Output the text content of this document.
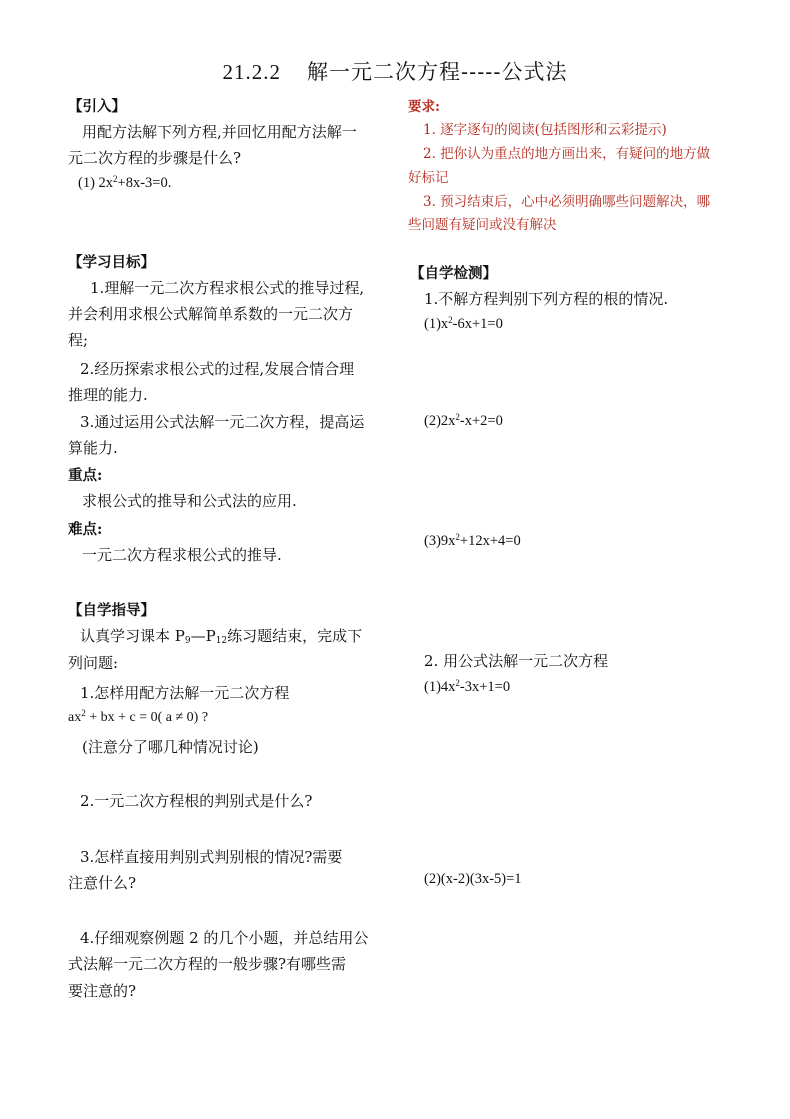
21.2.2 解一元二次方程-----公式法
【引入】
用配方法解下列方程,并回忆用配方法解一
元二次方程的步骤是什么?
(1) $2x^2+8x-3=0$.
要求:
1. 逐字逐句的阅读(包括图形和云彩提示)
2. 把你认为重点的地方画出来，有疑问的地方做
好标记
3. 预习结束后，心中必须明确哪些问题解决，哪
些问题有疑问或没有解决
【学习目标】
1.理解一元二次方程求根公式的推导过程,
并会利用求根公式解简单系数的一元二次方
程;
2.经历探索求根公式的过程,发展合情合理
推理的能力.
3.通过运用公式法解一元二次方程，提高运
算能力.
重点:
求根公式的推导和公式法的应用.
难点:
一元二次方程求根公式的推导.
【自学检测】
1.不解方程判别下列方程的根的情况.
$(1)x^2-6x+1=0$
$(2)2x^2-x+2=0$
$(3)9x^2+12x+4=0$
2. 用公式法解一元二次方程
$(1)4x^2-3x+1=0$
(2)(x-2)(3x-5)=1
【自学指导】
认真学习课本 $P_9—P_{12}$练习题结束，完成下
列问题:
1.怎样用配方法解一元二次方程
$ax^2$ + bx + c = 0( a ≠ 0) ?
(注意分了哪几种情况讨论)
2.一元二次方程根的判别式是什么?
3.怎样直接用判别式判别根的情况?需要
注意什么?
4.仔细观察例题 2 的几个小题，并总结用公
式法解一元二次方程的一般步骤?有哪些需
要注意的?
